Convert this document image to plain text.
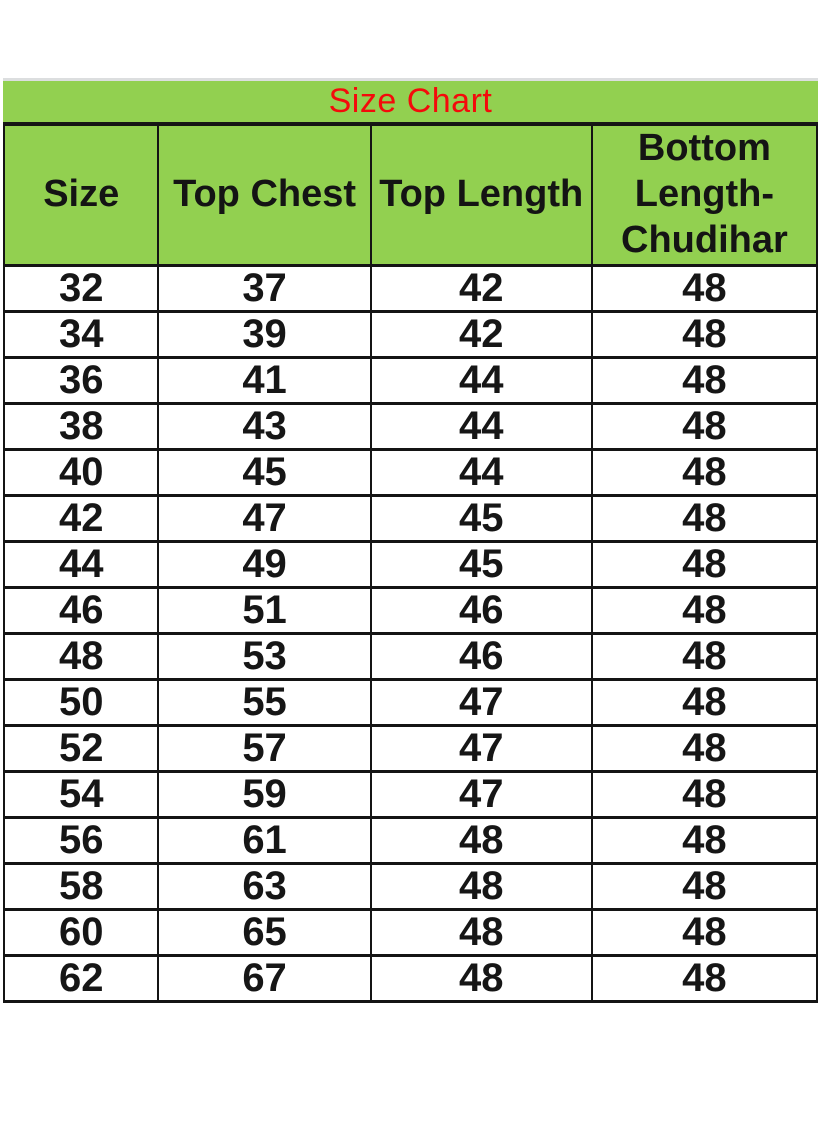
Size Chart
Size	Top Chest	Top Length	Bottom Length-Chudihar
32	37	42	48
34	39	42	48
36	41	44	48
38	43	44	48
40	45	44	48
42	47	45	48
44	49	45	48
46	51	46	48
48	53	46	48
50	55	47	48
52	57	47	48
54	59	47	48
56	61	48	48
58	63	48	48
60	65	48	48
62	67	48	48
